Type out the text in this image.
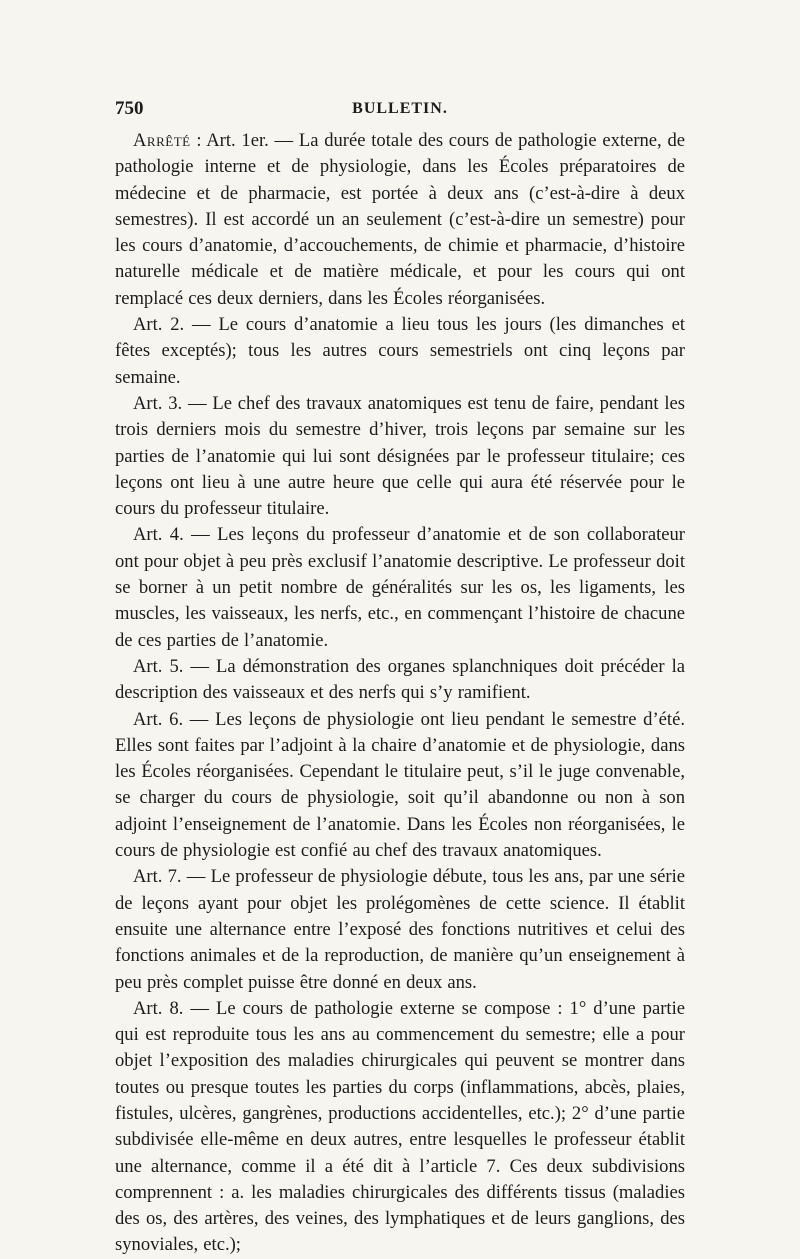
750	BULLETIN.

Arrêté : Art. 1er. — La durée totale des cours de pathologie externe, de pathologie interne et de physiologie, dans les Écoles préparatoires de médecine et de pharmacie, est portée à deux ans (c’est-à-dire à deux semestres). Il est accordé un an seulement (c’est-à-dire un semestre) pour les cours d’anatomie, d’accouchements, de chimie et pharmacie, d’histoire naturelle médicale et de matière médicale, et pour les cours qui ont remplacé ces deux derniers, dans les Écoles réorganisées.

Art. 2. — Le cours d’anatomie a lieu tous les jours (les dimanches et fêtes exceptés); tous les autres cours semestriels ont cinq leçons par semaine.

Art. 3. — Le chef des travaux anatomiques est tenu de faire, pendant les trois derniers mois du semestre d’hiver, trois leçons par semaine sur les parties de l’anatomie qui lui sont désignées par le professeur titulaire; ces leçons ont lieu à une autre heure que celle qui aura été réservée pour le cours du professeur titulaire.

Art. 4. — Les leçons du professeur d’anatomie et de son collaborateur ont pour objet à peu près exclusif l’anatomie descriptive. Le professeur doit se borner à un petit nombre de généralités sur les os, les ligaments, les muscles, les vaisseaux, les nerfs, etc., en commençant l’histoire de chacune de ces parties de l’anatomie.

Art. 5. — La démonstration des organes splanchniques doit précéder la description des vaisseaux et des nerfs qui s’y ramifient.

Art. 6. — Les leçons de physiologie ont lieu pendant le semestre d’été. Elles sont faites par l’adjoint à la chaire d’anatomie et de physiologie, dans les Écoles réorganisées. Cependant le titulaire peut, s’il le juge convenable, se charger du cours de physiologie, soit qu’il abandonne ou non à son adjoint l’enseignement de l’anatomie. Dans les Écoles non réorganisées, le cours de physiologie est confié au chef des travaux anatomiques.

Art. 7. — Le professeur de physiologie débute, tous les ans, par une série de leçons ayant pour objet les prolégomènes de cette science. Il établit ensuite une alternance entre l’exposé des fonctions nutritives et celui des fonctions animales et de la reproduction, de manière qu’un enseignement à peu près complet puisse être donné en deux ans.

Art. 8. — Le cours de pathologie externe se compose : 1° d’une partie qui est reproduite tous les ans au commencement du semestre; elle a pour objet l’exposition des maladies chirurgicales qui peuvent se montrer dans toutes ou presque toutes les parties du corps (inflammations, abcès, plaies, fistules, ulcères, gangrènes, productions accidentelles, etc.); 2° d’une partie subdivisée elle-même en deux autres, entre lesquelles le professeur établit une alternance, comme il a été dit à l’article 7. Ces deux subdivisions comprennent : a. les maladies chirurgicales des différents tissus (maladies des os, des artères, des veines, des lymphatiques et de leurs ganglions, des synoviales, etc.);
